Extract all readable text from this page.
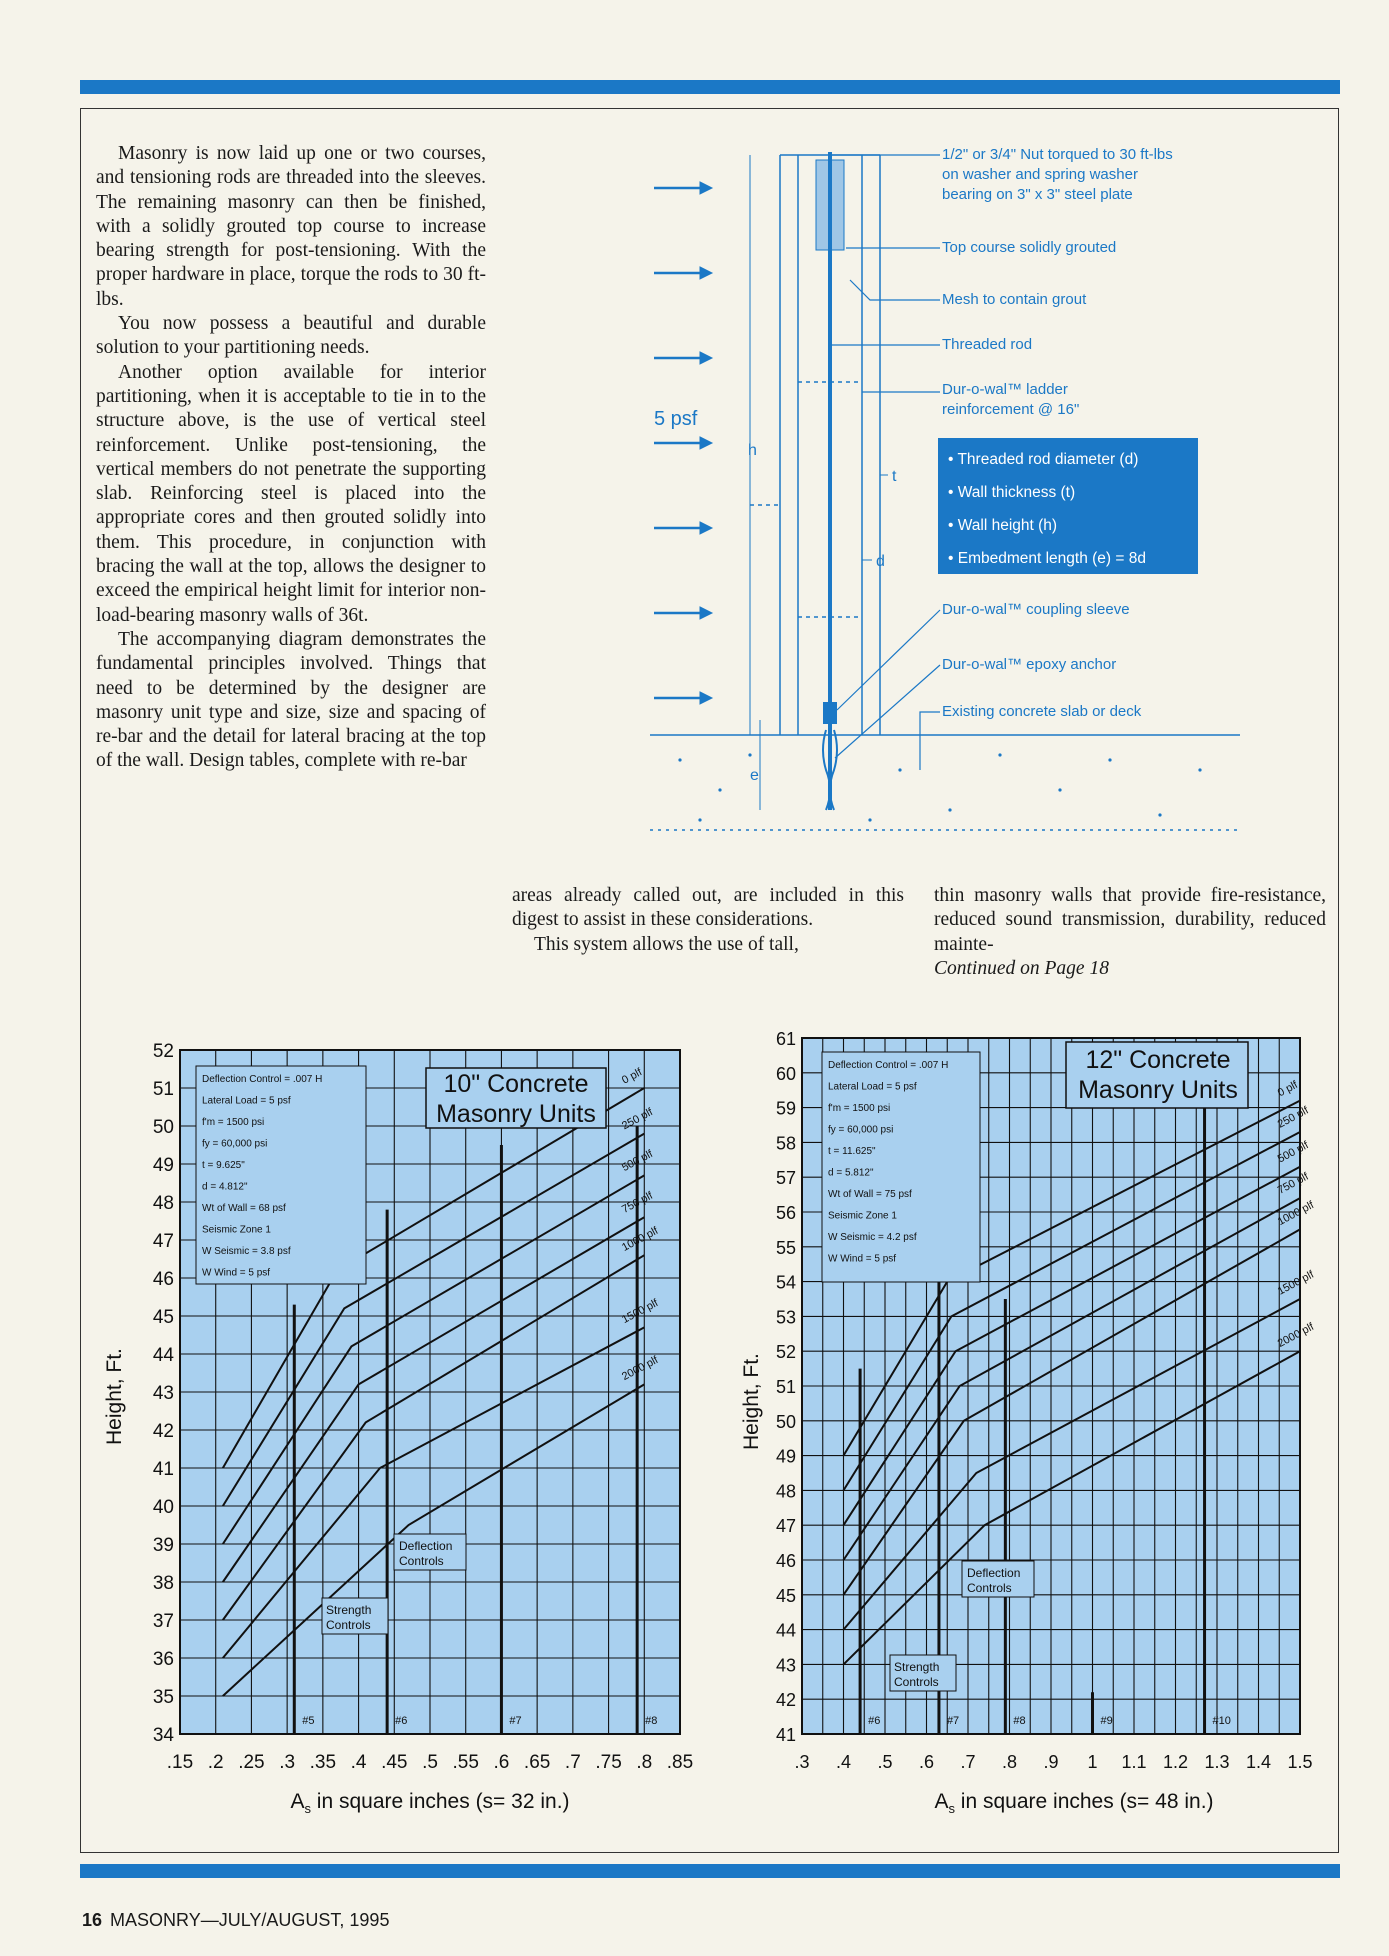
Masonry is now laid up one or two courses, and tensioning rods are threaded into the sleeves. The remaining masonry can then be finished, with a solidly grouted top course to increase bearing strength for post-tensioning. With the proper hardware in place, torque the rods to 30 ft-lbs.

You now possess a beautiful and durable solution to your partitioning needs.

Another option available for interior partitioning, when it is acceptable to tie in to the structure above, is the use of vertical steel reinforcement. Unlike post-tensioning, the vertical members do not penetrate the supporting slab. Reinforcing steel is placed into the appropriate cores and then grouted solidly into them. This procedure, in conjunction with bracing the wall at the top, allows the designer to exceed the empirical height limit for interior non-load-bearing masonry walls of 36t.

The accompanying diagram demonstrates the fundamental principles involved. Things that need to be determined by the designer are masonry unit type and size, size and spacing of re-bar and the detail for lateral bracing at the top of the wall. Design tables, complete with re-bar

areas already called out, are included in this digest to assist in these considerations.

This system allows the use of tall,

thin masonry walls that provide fire-resistance, reduced sound transmission, durability, reduced mainte-

Continued on Page 18
5 psf
h
t
d
e
1/2" or 3/4" Nut torqued to 30 ft-lbs
on washer and spring washer
bearing on 3" x 3" steel plate
Top course solidly grouted
Mesh to contain grout
Threaded rod
Dur-o-wal™ ladder
reinforcement @ 16"
Dur-o-wal™ coupling sleeve
Dur-o-wal™ epoxy anchor
Existing concrete slab or deck
• Threaded rod diameter (d)
• Wall thickness (t)
• Wall height (h)
• Embedment length (e) = 8d
34
35
36
37
38
39
40
41
42
43
44
45
46
47
48
49
50
51
52
.15 .2 .25 .3 .35 .4 .45 .5 .55 .6 .65 .7 .75 .8 .85
0 plf
250 plf
500 plf
750 plf
1000 plf
1500 plf
2000 plf
#5	#6	#7	#8
Deflection Control = .007 H
Lateral Load = 5 psf
f'm = 1500 psi
fy = 60,000 psi
t = 9.625"
d = 4.812"
Wt of Wall = 68 psf
Seismic Zone 1
W Seismic = 3.8 psf
W Wind = 5 psf
10" Concrete
Masonry Units
Deflection
Controls
Strength
Controls
Height, Ft.
$A_s$ in square inches (s= 32 in.)
41
42
43
44
45
46
47
48
49
50
51
52
53
54
55
56
57
58
59
60
61
.3 .4 .5 .6 .7 .8 .9 1 1.1 1.2 1.3 1.4 1.5
0 plf
250 plf
500 plf
750 plf
1000 plf
1500 plf
2000 plf
#6	#7	#8	#9	#10
Deflection Control = .007 H
Lateral Load = 5 psf
f'm = 1500 psi
fy = 60,000 psi
t = 11.625"
d = 5.812"
Wt of Wall = 75 psf
Seismic Zone 1
W Seismic = 4.2 psf
W Wind = 5 psf
12" Concrete
Masonry Units
Deflection
Controls
Strength
Controls
Height, Ft.
$A_s$ in square inches (s= 48 in.)
16 MASONRY—JULY/AUGUST, 1995
